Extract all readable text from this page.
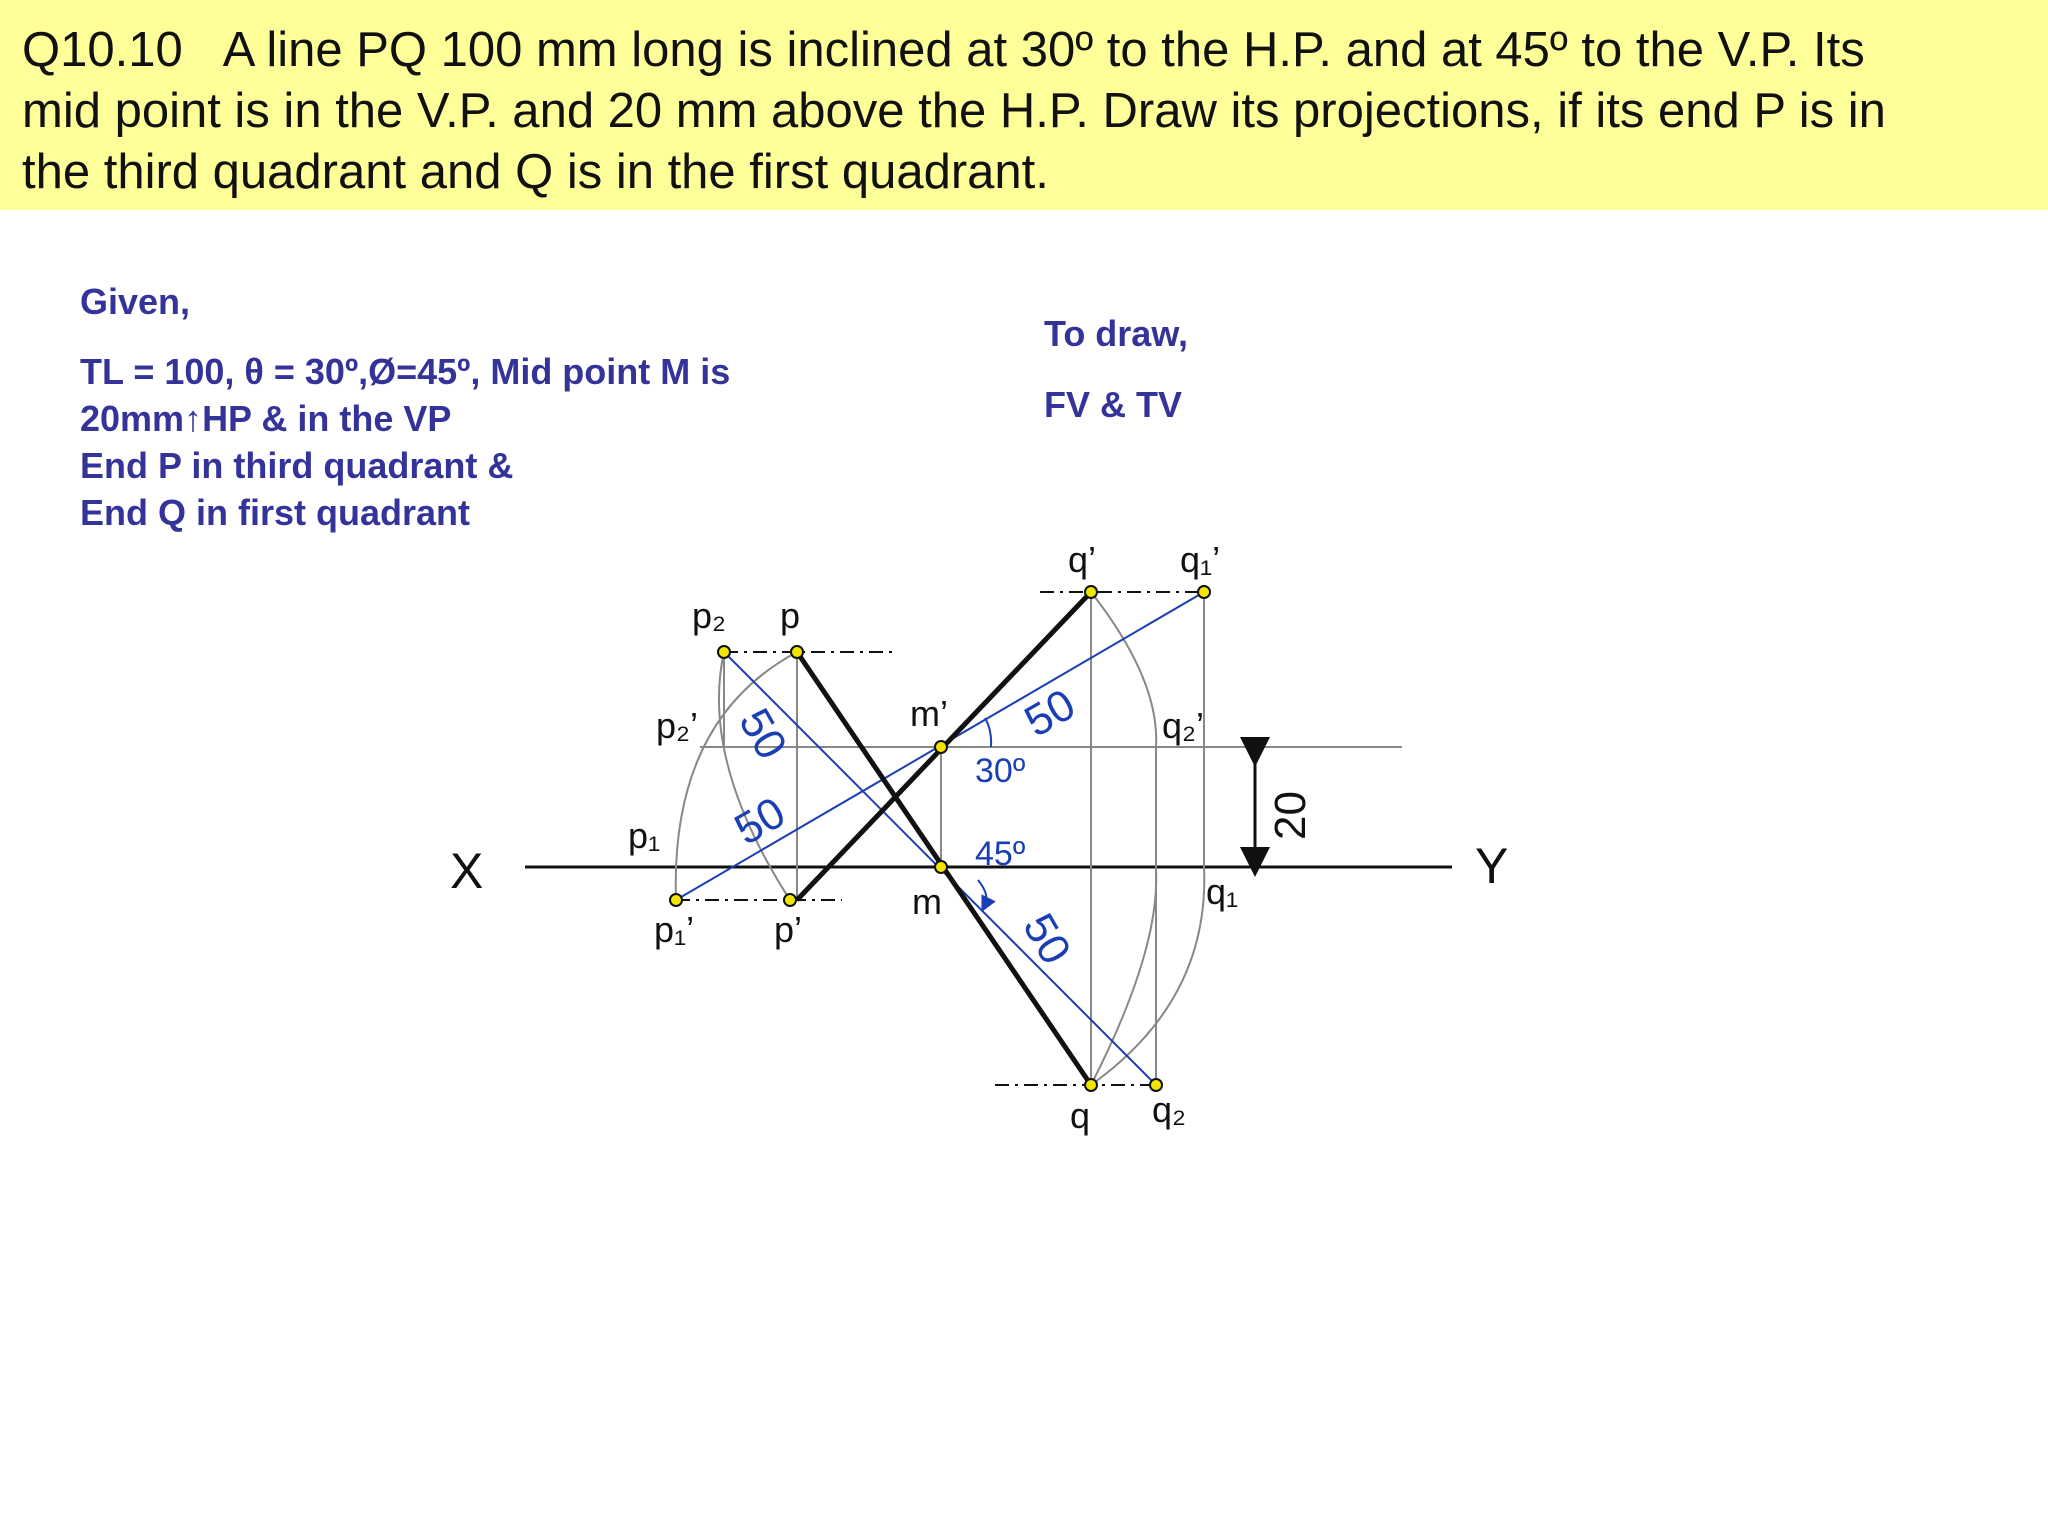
Q10.10 A line PQ 100 mm long is inclined at 30º to the H.P. and at 45º to the V.P. Its
mid point is in the V.P. and 20 mm above the H.P. Draw its projections, if its end P is in
the third quadrant and Q is in the first quadrant.
Given,
TL = 100, θ = 30º,Ø=45º, Mid point M is
20mm↑HP & in the VP
End P in third quadrant &
End Q in first quadrant
To draw,
FV & TV
X	Y
p₂ p
p₂’
p₁
p₁’ p’
m’
m
q’ q₁’
q₂’
q₁
q q₂
30º
45º
50
50
50
50
20
